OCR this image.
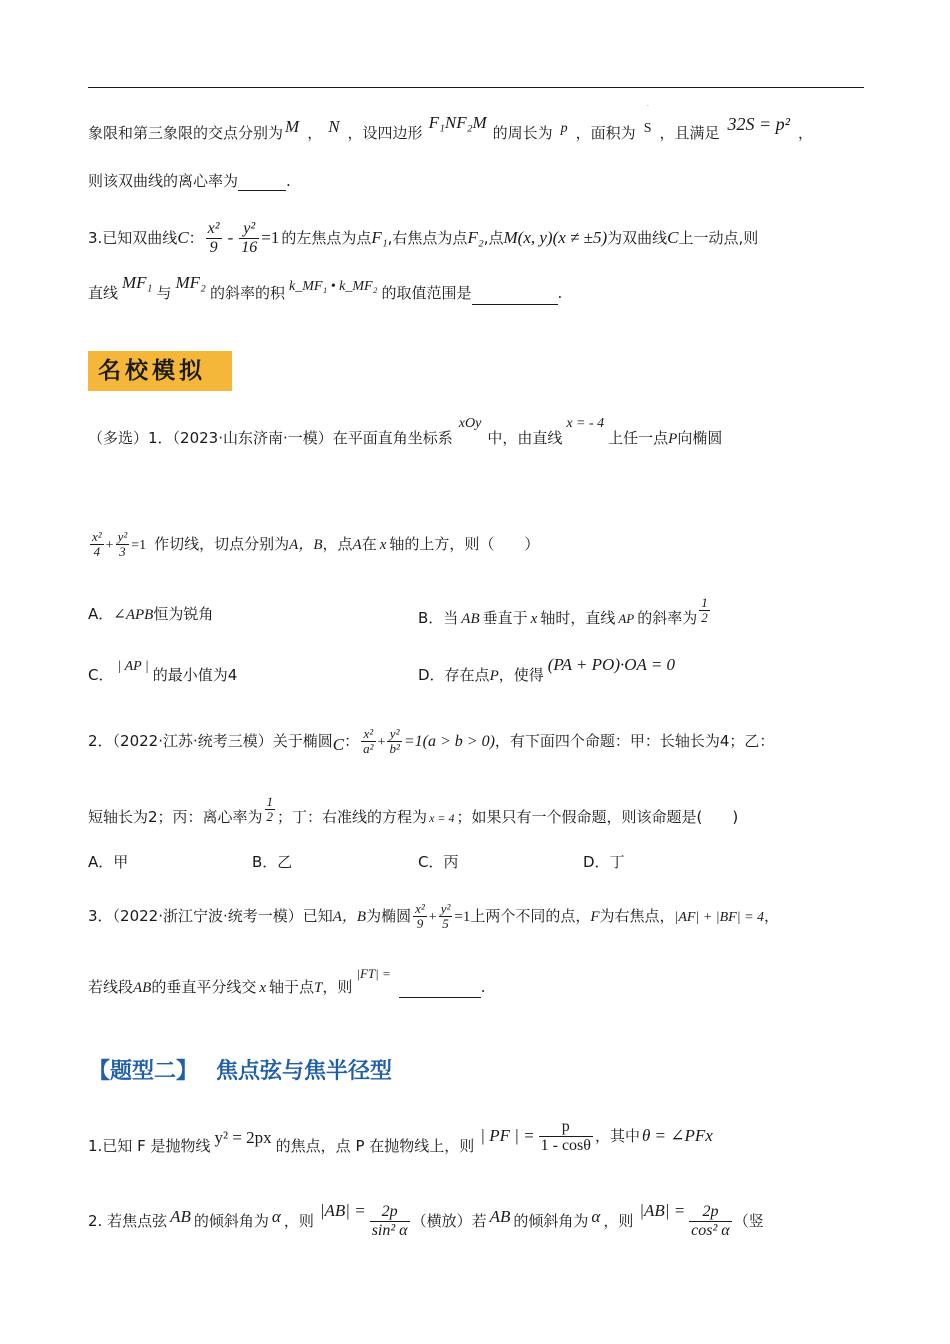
.
象限和第三象限的交点分别为 M ， N ，设四边形F₁NF₂M的周长为 p ，面积为 S ，且满足 32S = p² ，
则该双曲线的离心率为	.
3.已知双曲线C： $\frac{\text{x²}}{9} - \frac{\text{y²}}{16} =1$ 的左焦点为点F₁,右焦点为点F₂,点M(x, y)(x ≠ ±5)为双曲线C上一动点,则
直线MF₁与MF₂的斜率的积 k_MF₁ • k_MF₂ 的取值范围是	.
名校模拟
（多选）1．（2023·山东济南·一模）在平面直角坐标系xOy中，由直线x = - 4上任一点P向椭圆
$\frac{\text{x²}}{4} + \frac{\text{y²}}{3} =1$ 作切线，切点分别为A，B，点A在 x 轴的上方，则（　　）
A．∠APB恒为锐角	B．当 AB 垂直于 x 轴时，直线 AP 的斜率为 $\frac{1}{2}$
C． | AP | 的最小值为4	D．存在点P，使得(PA + PO)·OA = 0
2．（2022·江苏·统考三模）关于椭圆C： $\frac{\text{x²}}{\text{a²}} + \frac{\text{y²}}{\text{b²}} =1(a > b > 0)$，有下面四个命题：甲：长轴长为4；乙：
短轴长为2；丙：离心率为 $\frac{1}{2}$ ；丁：右准线的方程为 x = 4 ；如果只有一个假命题，则该命题是(　　)
A．甲	B．乙	C．丙	D．丁
3．（2022·浙江宁波·统考一模）已知A，B为椭圆 $\frac{\text{x²}}{9} + \frac{\text{y²}}{5} =1$上两个不同的点，F为右焦点，|AF| + |BF| = 4，
若线段AB的垂直平分线交 x 轴于点T，则|FT| =.
【题型二】 焦点弦与焦半径型
1.已知 F 是抛物线 y² = 2px 的焦点，点 P 在抛物线上，则| PF | = $\frac{p}{1 - \cos\theta}$ ，其中 θ = ∠PFx
2. 若焦点弦 AB 的倾斜角为 α ，则$|AB| = \frac{2p}{\text{sin² α}}$ （横放）若 AB 的倾斜角为 α ，则$|AB| = \frac{2p}{\text{cos² α}}$ （竖
